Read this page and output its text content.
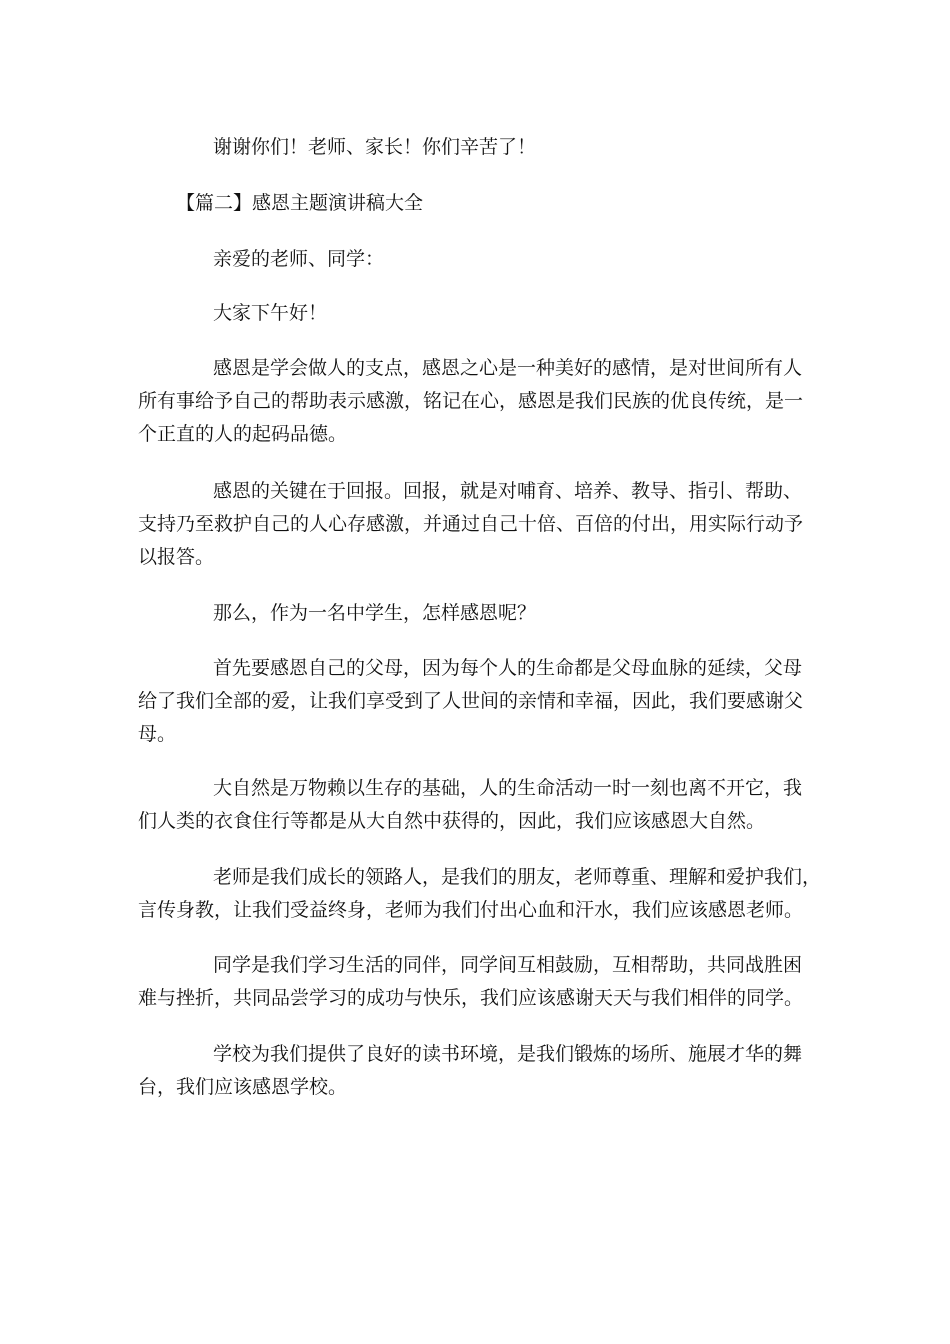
谢谢你们！老师、家长！你们辛苦了！
【篇二】感恩主题演讲稿大全
亲爱的老师、同学：
大家下午好！
感恩是学会做人的支点，感恩之心是一种美好的感情，是对世间所有人
所有事给予自己的帮助表示感激，铭记在心，感恩是我们民族的优良传统，是一
个正直的人的起码品德。
感恩的关键在于回报。回报，就是对哺育、培养、教导、指引、帮助、
支持乃至救护自己的人心存感激，并通过自己十倍、百倍的付出，用实际行动予
以报答。
那么，作为一名中学生，怎样感恩呢？
首先要感恩自己的父母，因为每个人的生命都是父母血脉的延续，父母
给了我们全部的爱，让我们享受到了人世间的亲情和幸福，因此，我们要感谢父
母。
大自然是万物赖以生存的基础，人的生命活动一时一刻也离不开它，我
们人类的衣食住行等都是从大自然中获得的，因此，我们应该感恩大自然。
老师是我们成长的领路人，是我们的朋友，老师尊重、理解和爱护我们，
言传身教，让我们受益终身，老师为我们付出心血和汗水，我们应该感恩老师。
同学是我们学习生活的同伴，同学间互相鼓励，互相帮助，共同战胜困
难与挫折，共同品尝学习的成功与快乐，我们应该感谢天天与我们相伴的同学。
学校为我们提供了良好的读书环境，是我们锻炼的场所、施展才华的舞
台，我们应该感恩学校。
